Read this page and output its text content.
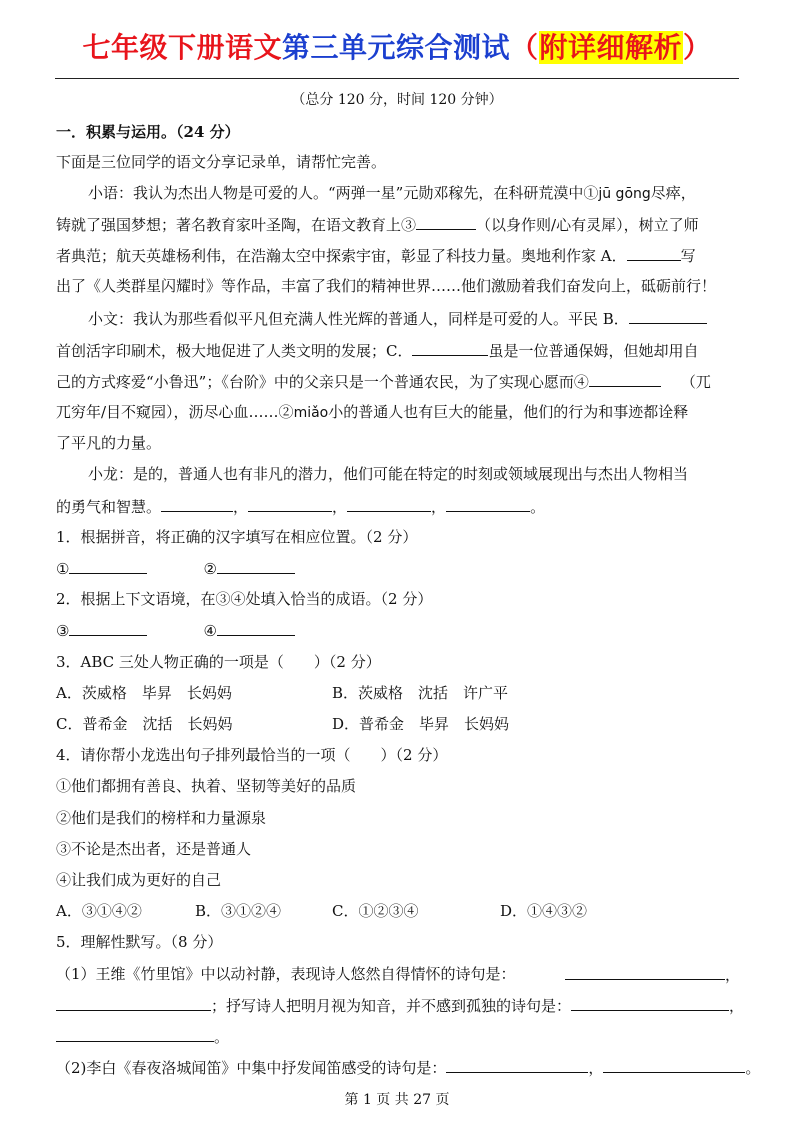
七年级下册语文第三单元综合测试（附详细解析）
（总分 120 分，时间 120 分钟）
一．积累与运用。（24 分）
下面是三位同学的语文分享记录单，请帮忙完善。
小语：我认为杰出人物是可爱的人。“两弹一星”元勋邓稼先，在科研荒漠中①jū gōng尽瘁，
铸就了强国梦想；著名教育家叶圣陶，在语文教育上③	（以身作则/心有灵犀），树立了师
者典范；航天英雄杨利伟，在浩瀚太空中探索宇宙，彰显了科技力量。奥地利作家 A．	写
出了《人类群星闪耀时》等作品，丰富了我们的精神世界……他们激励着我们奋发向上，砥砺前行！
小文：我认为那些看似平凡但充满人性光辉的普通人，同样是可爱的人。平民 B．
首创活字印刷术，极大地促进了人类文明的发展；C．	虽是一位普通保姆，但她却用自
己的方式疼爱“小鲁迅”；《台阶》中的父亲只是一个普通农民，为了实现心愿而④	（兀
兀穷年/目不窥园），沥尽心血……②miǎo小的普通人也有巨大的能量，他们的行为和事迹都诠释
了平凡的力量。
小龙：是的，普通人也有非凡的潜力，他们可能在特定的时刻或领域展现出与杰出人物相当
的勇气和智慧。	，	，	，	。
1．根据拼音，将正确的汉字填写在相应位置。（2 分）
①	②
2．根据上下文语境，在③④处填入恰当的成语。（2 分）
③	④
3．ABC 三处人物正确的一项是（　　）（2 分）
A．茨威格　毕昇　长妈妈	B．茨威格　沈括　许广平
C．普希金　沈括　长妈妈	D．普希金　毕昇　长妈妈
4．请你帮小龙选出句子排列最恰当的一项（　　）（2 分）
①他们都拥有善良、执着、坚韧等美好的品质
②他们是我们的榜样和力量源泉
③不论是杰出者，还是普通人
④让我们成为更好的自己
A．③①④②	B．③①②④	C．①②③④	D．①④③②
5．理解性默写。（8 分）
（1）王维《竹里馆》中以动衬静，表现诗人悠然自得情怀的诗句是：	，
；抒写诗人把明月视为知音，并不感到孤独的诗句是：	，
。
（2)李白《春夜洛城闻笛》中集中抒发闻笛感受的诗句是：	，	。
第 1 页 共 27 页
